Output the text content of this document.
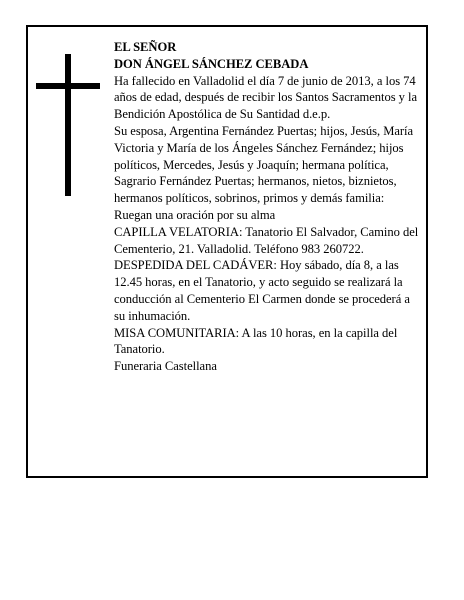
EL SEÑOR

DON ÁNGEL SÁNCHEZ CEBADA

Ha fallecido en Valladolid el día 7 de junio de 2013, a los 74 años de edad, después de recibir los Santos Sacramentos y la Bendición Apostólica de Su Santidad d.e.p.

Su esposa, Argentina Fernández Puertas; hijos, Jesús, María Victoria y María de los Ángeles Sánchez Fernández; hijos políticos, Mercedes, Jesús y Joaquín; hermana política, Sagrario Fernández Puertas; hermanos, nietos, biznietos, hermanos políticos, sobrinos, primos y demás familia:

Ruegan una oración por su alma

CAPILLA VELATORIA: Tanatorio El Salvador, Camino del Cementerio, 21. Valladolid. Teléfono 983 260722.

DESPEDIDA DEL CADÁVER: Hoy sábado, día 8, a las 12.45 horas, en el Tanatorio, y acto seguido se realizará la conducción al Cementerio El Carmen donde se procederá a su inhumación.

MISA COMUNITARIA: A las 10 horas, en la capilla del Tanatorio.

Funeraria Castellana
